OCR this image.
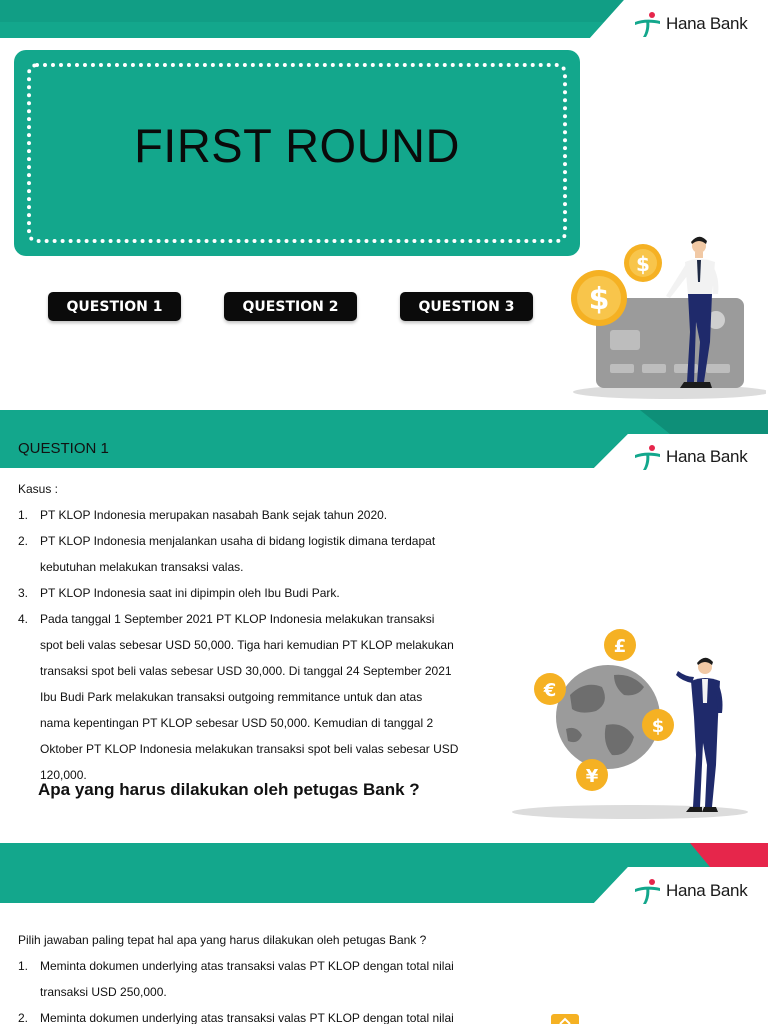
Hana Bank
FIRST ROUND
QUESTION 1	QUESTION 2	QUESTION 3	$
$
Hana Bank
QUESTION 1
Kasus :
1. PT KLOP Indonesia merupakan nasabah Bank sejak tahun 2020.
2. PT KLOP Indonesia menjalankan usaha di bidang logistik dimana terdapat
kebutuhan melakukan transaksi valas.
3. PT KLOP Indonesia saat ini dipimpin oleh Ibu Budi Park.
4. Pada tanggal 1 September 2021 PT KLOP Indonesia melakukan transaksi
spot beli valas sebesar USD 50,000. Tiga hari kemudian PT KLOP melakukan
transaksi spot beli valas sebesar USD 30,000. Di tanggal 24 September 2021
Ibu Budi Park melakukan transaksi outgoing remmitance untuk dan atas
nama kepentingan PT KLOP sebesar USD 50,000. Kemudian di tanggal 2
Oktober PT KLOP Indonesia melakukan transaksi spot beli valas sebesar USD
120,000.
Apa yang harus dilakukan oleh petugas Bank ?
£
€
$
¥
Hana Bank
Pilih jawaban paling tepat hal apa yang harus dilakukan oleh petugas Bank ?
1. Meminta dokumen underlying atas transaksi valas PT KLOP dengan total nilai
transaksi USD 250,000.
2. Meminta dokumen underlying atas transaksi valas PT KLOP dengan total nilai
